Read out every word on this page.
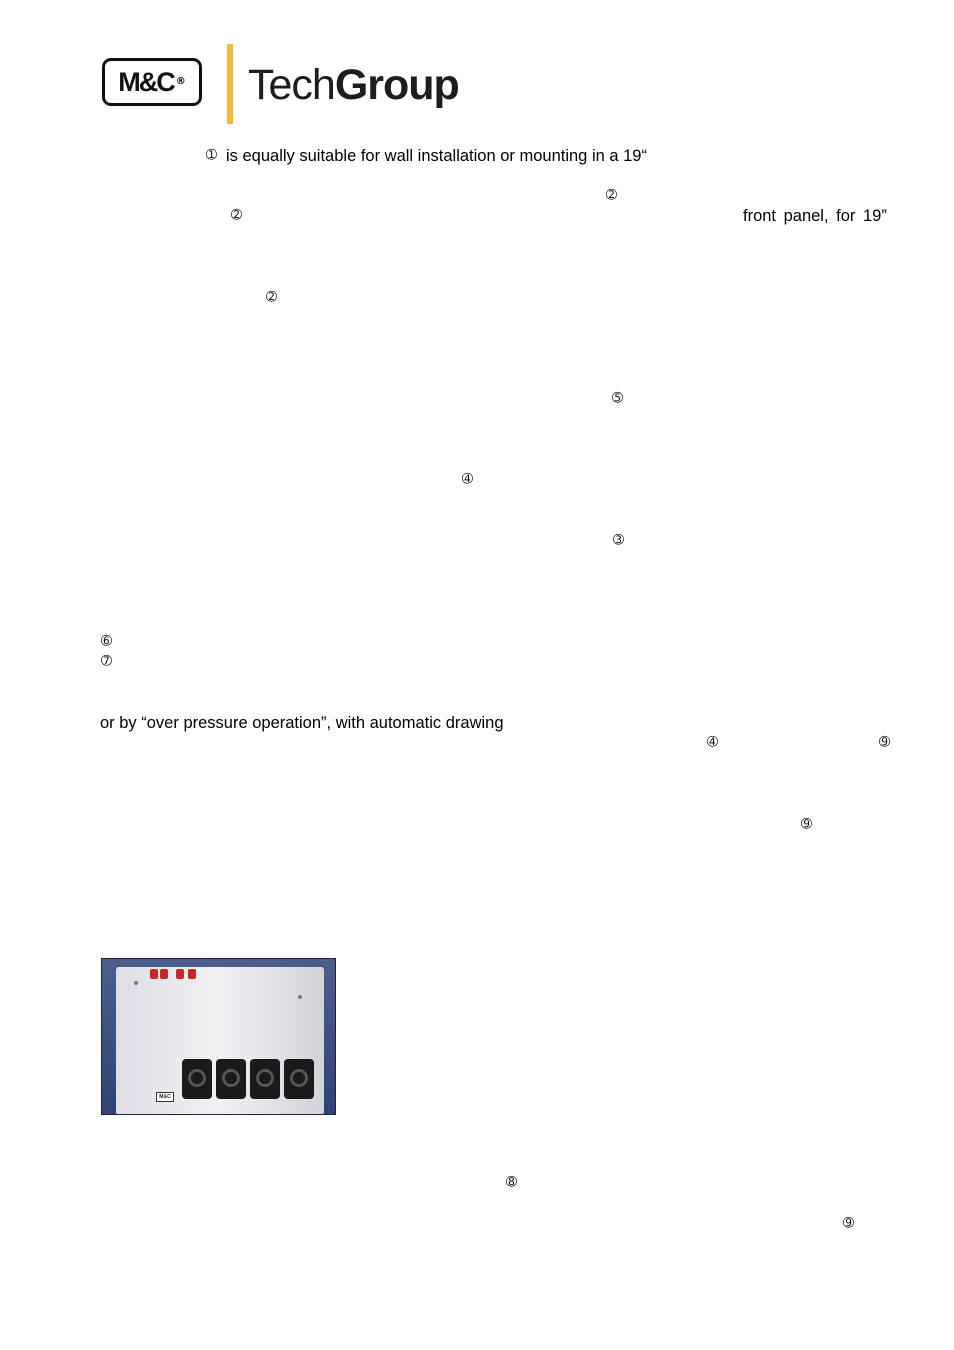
M&C ® TechGroup
➀ is equally suitable for wall installation or mounting in a 19“
➁
➁	front panel, for 19”
➁
➄
➃
➂
➅
➆
or by “over pressure operation”, with automatic drawing
➃	➈
➈
M&C
➇
➈
